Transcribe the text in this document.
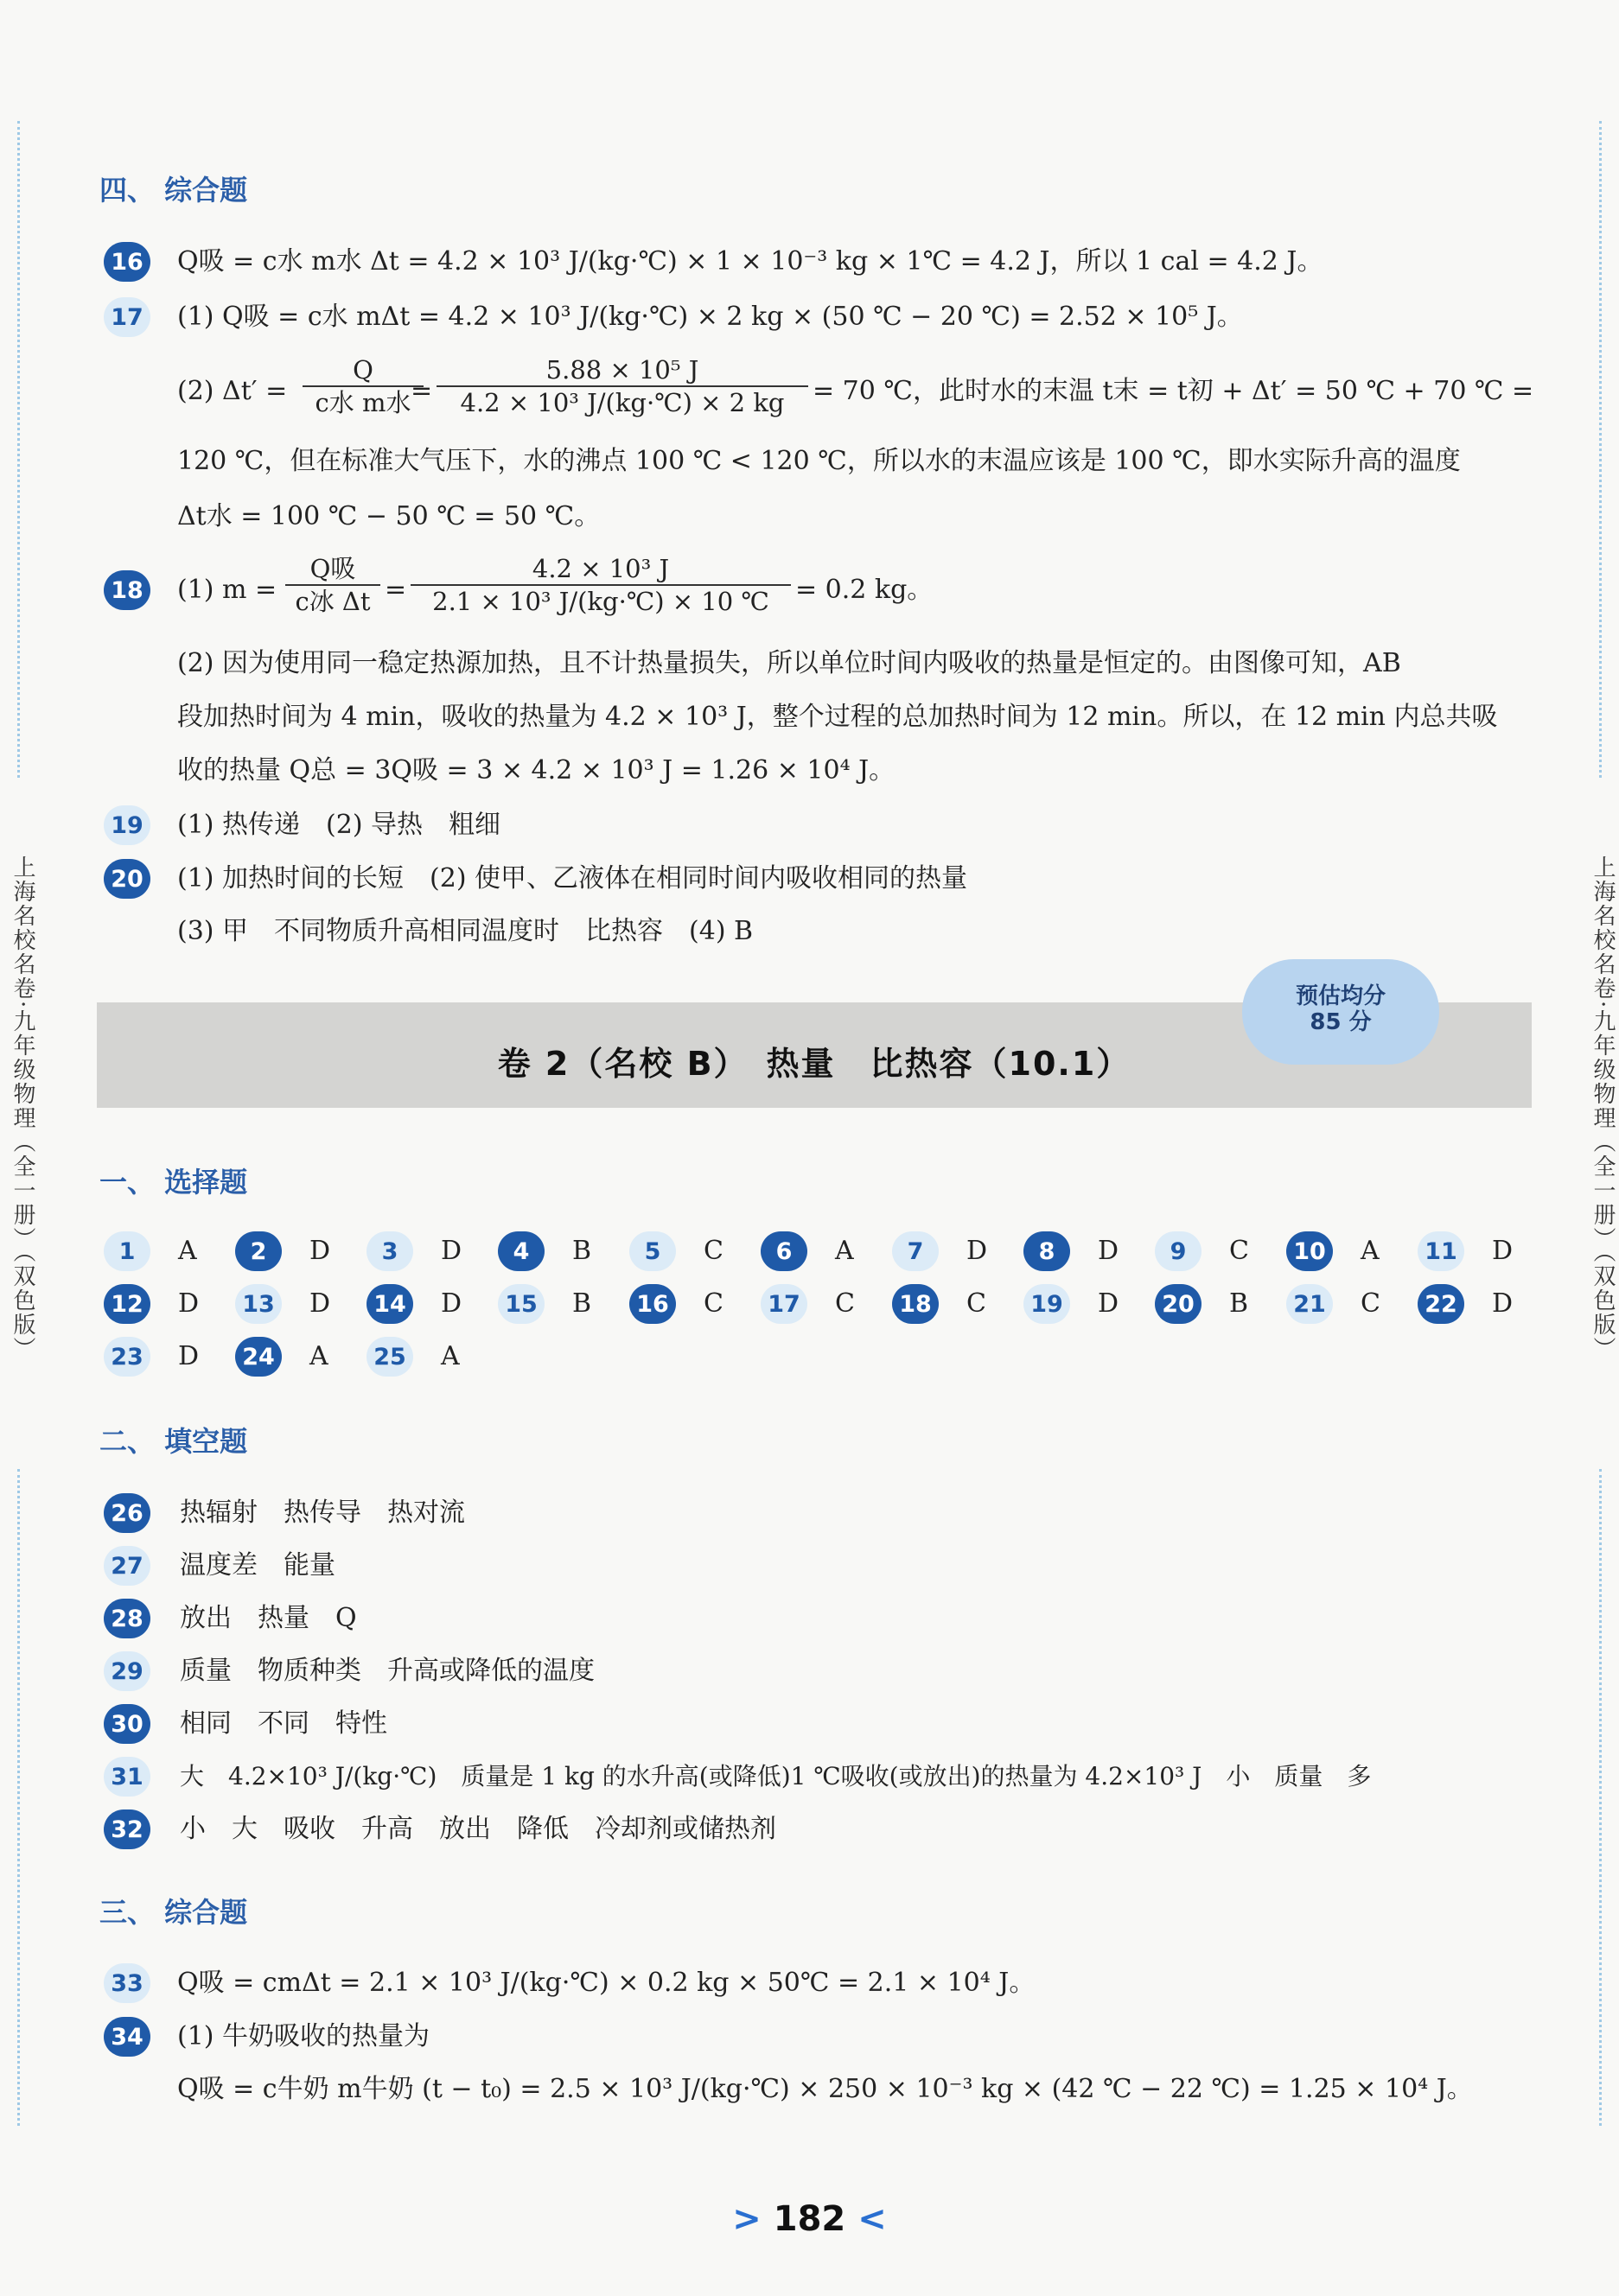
上海名校名卷·九年级物理（全一册）（双色版）	上海名校名卷·九年级物理（全一册）（双色版）
四、 综合题
16 Q吸 = c水 m水 Δt = 4.2 × 10³ J/(kg·℃) × 1 × 10⁻³ kg × 1℃ = 4.2 J，所以 1 cal = 4.2 J。
17 (1) Q吸 = c水 mΔt = 4.2 × 10³ J/(kg·℃) × 2 kg × (50 ℃ − 20 ℃) = 2.52 × 10⁵ J。
(2) Δt′ =
Q
c水 m水 = $\frac{\text{5.88 × 10⁵ J}}{\text{4.2 × 10³ J/(kg·℃) × 2 kg}} = 70$ ℃，此时水的末温 t末 = t初 + Δt′ = 50 ℃ + 70 ℃ =
120 ℃，但在标准大气压下，水的沸点 100 ℃ < 120 ℃，所以水的末温应该是 100 ℃，即水实际升高的温度
Δt水 = 100 ℃ − 50 ℃ = 50 ℃。
18 (1) m =
Q吸
c冰 $\Delta t = \frac{\text{4.2 × 10³ J}}{\text{2.1 × 10³ J/(kg·℃) × 10 ℃}} = 0.2$ kg。
(2) 因为使用同一稳定热源加热，且不计热量损失，所以单位时间内吸收的热量是恒定的。由图像可知，AB
段加热时间为 4 min，吸收的热量为 4.2 × 10³ J，整个过程的总加热时间为 12 min。所以，在 12 min 内总共吸
收的热量 Q总 = 3Q吸 = 3 × 4.2 × 10³ J = 1.26 × 10⁴ J。
19 (1) 热传递　(2) 导热　粗细
20 (1) 加热时间的长短　(2) 使甲、乙液体在相同时间内吸收相同的热量
(3) 甲　不同物质升高相同温度时　比热容　(4) B
卷 2（名校 B）　热量　比热容（10.1）
预估均分
85 分
一、 选择题
1	A	2	D	3	D	4	B	5	C	6	A	7	D	8	D	9	C	10 A	11 D
12 D	13 D	14 D	15 B	16 C	17 C	18 C	19 D	20 B	21 C	22 D
23 D	24 A	25 A
二、 填空题
26 热辐射　热传导　热对流
27 温度差　能量
28 放出　热量　Q
29 质量　物质种类　升高或降低的温度
30 相同　不同　特性
31 大　4.2×10³ J/(kg·℃)　质量是 1 kg 的水升高(或降低)1 ℃吸收(或放出)的热量为 4.2×10³ J　小　质量　多
32 小　大　吸收　升高　放出　降低　冷却剂或储热剂
三、 综合题
33 Q吸 = cmΔt = 2.1 × 10³ J/(kg·℃) × 0.2 kg × 50℃ = 2.1 × 10⁴ J。
34 (1) 牛奶吸收的热量为
Q吸 = c牛奶 m牛奶 (t − t₀) = 2.5 × 10³ J/(kg·℃) × 250 × 10⁻³ kg × (42 ℃ − 22 ℃) = 1.25 × 10⁴ J。
> 182 <
